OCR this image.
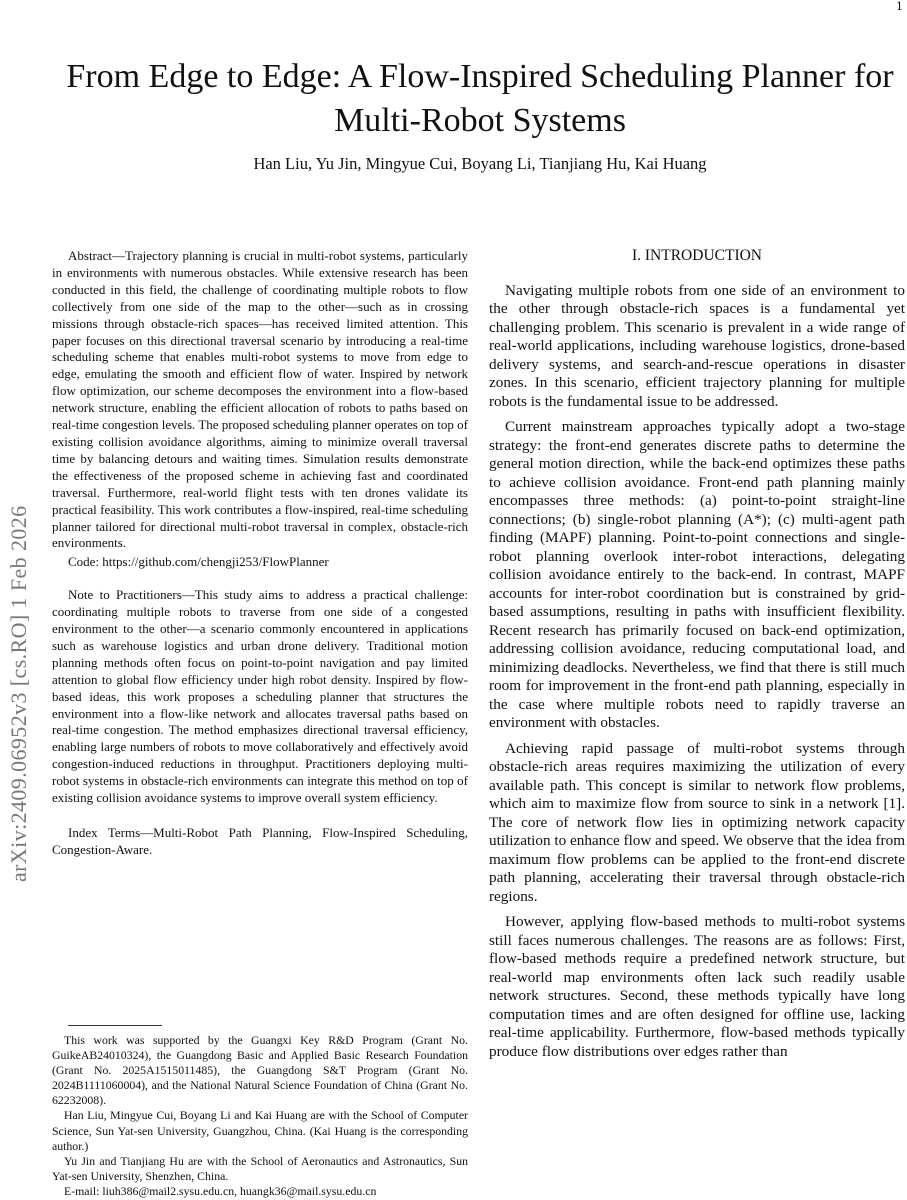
1
arXiv:2409.06952v3 [cs.RO] 1 Feb 2026
From Edge to Edge: A Flow-Inspired Scheduling Planner for Multi-Robot Systems
Han Liu, Yu Jin, Mingyue Cui, Boyang Li, Tianjiang Hu, Kai Huang

Abstract—Trajectory planning is crucial in multi-robot systems, particularly in environments with numerous obstacles. While extensive research has been conducted in this field, the challenge of coordinating multiple robots to flow collectively from one side of the map to the other—such as in crossing missions through obstacle-rich spaces—has received limited attention. This paper focuses on this directional traversal scenario by introducing a real-time scheduling scheme that enables multi-robot systems to move from edge to edge, emulating the smooth and efficient flow of water. Inspired by network flow optimization, our scheme decomposes the environment into a flow-based network structure, enabling the efficient allocation of robots to paths based on real-time congestion levels. The proposed scheduling planner operates on top of existing collision avoidance algorithms, aiming to minimize overall traversal time by balancing detours and waiting times. Simulation results demonstrate the effectiveness of the proposed scheme in achieving fast and coordinated traversal. Furthermore, real-world flight tests with ten drones validate its practical feasibility. This work contributes a flow-inspired, real-time scheduling planner tailored for directional multi-robot traversal in complex, obstacle-rich environments.

Code: https://github.com/chengji253/FlowPlanner

Note to Practitioners—This study aims to address a practical challenge: coordinating multiple robots to traverse from one side of a congested environment to the other—a scenario commonly encountered in applications such as warehouse logistics and urban drone delivery. Traditional motion planning methods often focus on point-to-point navigation and pay limited attention to global flow efficiency under high robot density. Inspired by flow-based ideas, this work proposes a scheduling planner that structures the environment into a flow-like network and allocates traversal paths based on real-time congestion. The method emphasizes directional traversal efficiency, enabling large numbers of robots to move collaboratively and effectively avoid congestion-induced reductions in throughput. Practitioners deploying multi-robot systems in obstacle-rich environments can integrate this method on top of existing collision avoidance systems to improve overall system efficiency.

Index Terms—Multi-Robot Path Planning, Flow-Inspired Scheduling, Congestion-Aware.

This work was supported by the Guangxi Key R&D Program (Grant No. GuikeAB24010324), the Guangdong Basic and Applied Basic Research Foundation (Grant No. 2025A1515011485), the Guangdong S&T Program (Grant No. 2024B1111060004), and the National Natural Science Foundation of China (Grant No. 62232008).

Han Liu, Mingyue Cui, Boyang Li and Kai Huang are with the School of Computer Science, Sun Yat-sen University, Guangzhou, China. (Kai Huang is the corresponding author.)

Yu Jin and Tianjiang Hu are with the School of Aeronautics and Astronautics, Sun Yat-sen University, Shenzhen, China.

E-mail: liuh386@mail2.sysu.edu.cn, huangk36@mail.sysu.edu.cn

I. INTRODUCTION

Navigating multiple robots from one side of an environment to the other through obstacle-rich spaces is a fundamental yet challenging problem. This scenario is prevalent in a wide range of real-world applications, including warehouse logistics, drone-based delivery systems, and search-and-rescue operations in disaster zones. In this scenario, efficient trajectory planning for multiple robots is the fundamental issue to be addressed.

Current mainstream approaches typically adopt a two-stage strategy: the front-end generates discrete paths to determine the general motion direction, while the back-end optimizes these paths to achieve collision avoidance. Front-end path planning mainly encompasses three methods: (a) point-to-point straight-line connections; (b) single-robot planning (A*); (c) multi-agent path finding (MAPF) planning. Point-to-point connections and single-robot planning overlook inter-robot interactions, delegating collision avoidance entirely to the back-end. In contrast, MAPF accounts for inter-robot coordination but is constrained by grid-based assumptions, resulting in paths with insufficient flexibility. Recent research has primarily focused on back-end optimization, addressing collision avoidance, reducing computational load, and minimizing deadlocks. Nevertheless, we find that there is still much room for improvement in the front-end path planning, especially in the case where multiple robots need to rapidly traverse an environment with obstacles.

Achieving rapid passage of multi-robot systems through obstacle-rich areas requires maximizing the utilization of every available path. This concept is similar to network flow problems, which aim to maximize flow from source to sink in a network [1]. The core of network flow lies in optimizing network capacity utilization to enhance flow and speed. We observe that the idea from maximum flow problems can be applied to the front-end discrete path planning, accelerating their traversal through obstacle-rich regions.

However, applying flow-based methods to multi-robot systems still faces numerous challenges. The reasons are as follows: First, flow-based methods require a predefined network structure, but real-world map environments often lack such readily usable network structures. Second, these methods typically have long computation times and are often designed for offline use, lacking real-time applicability. Furthermore, flow-based methods typically produce flow distributions over edges rather than
